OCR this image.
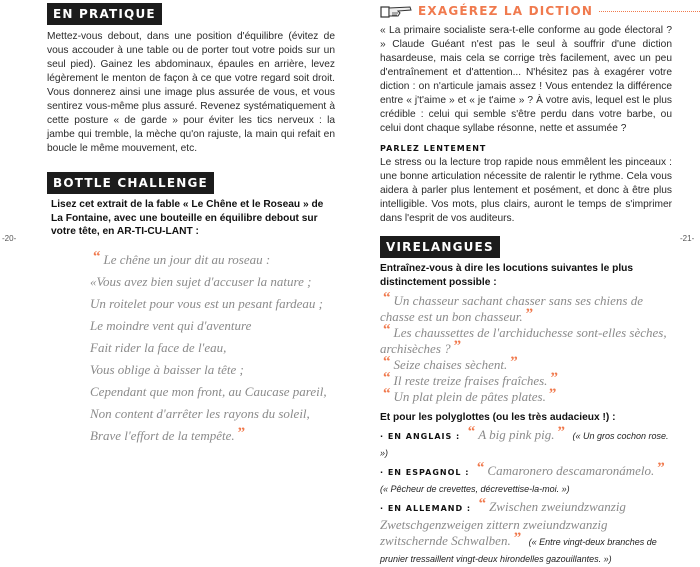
EN PRATIQUE
Mettez-vous debout, dans une position d'équilibre (évitez de vous accouder à une table ou de porter tout votre poids sur un seul pied). Gainez les abdominaux, épaules en arrière, levez légèrement le menton de façon à ce que votre regard soit droit. Vous donnerez ainsi une image plus assurée de vous, et vous sentirez vous-même plus assuré. Revenez systématiquement à cette posture « de garde » pour éviter les tics nerveux : la jambe qui tremble, la mèche qu'on rajuste, la main qui refait en boucle le même mouvement, etc.
BOTTLE CHALLENGE
Lisez cet extrait de la fable « Le Chêne et le Roseau » de La Fontaine, avec une bouteille en équilibre debout sur votre tête, en AR-TI-CU-LANT :
“ Le chêne un jour dit au roseau :
«Vous avez bien sujet d'accuser la nature ;
Un roitelet pour vous est un pesant fardeau ;
Le moindre vent qui d'aventure
Fait rider la face de l'eau,
Vous oblige à baisser la tête ;
Cependant que mon front, au Caucase pareil,
Non content d'arrêter les rayons du soleil,
Brave l'effort de la tempête. ”
-20-
EXAGÉREZ LA DICTION
« La primaire socialiste sera-t-elle conforme au gode électoral ? » Claude Guéant n'est pas le seul à souffrir d'une diction hasardeuse, mais cela se corrige très facilement, avec un peu d'entraînement et d'attention... N'hésitez pas à exagérer votre diction : on n'articule jamais assez ! Vous entendez la différence entre « j't'aime » et « je t'aime » ? À votre avis, lequel est le plus crédible : celui qui semble s'être perdu dans votre barbe, ou celui dont chaque syllabe résonne, nette et assumée ?
PARLEZ LENTEMENT
Le stress ou la lecture trop rapide nous emmêlent les pinceaux : une bonne articulation nécessite de ralentir le rythme. Cela vous aidera à parler plus lentement et posément, et donc à être plus intelligible. Vos mots, plus clairs, auront le temps de s'imprimer dans l'esprit de vos auditeurs.
VIRELANGUES
Entraînez-vous à dire les locutions suivantes le plus distinctement possible :
“ Un chasseur sachant chasser sans ses chiens de chasse est un bon chasseur. ”
“ Les chaussettes de l'archiduchesse sont-elles sèches, archisèches ? ”
“ Seize chaises sèchent. ”
“ Il reste treize fraises fraîches. ”
“ Un plat plein de pâtes plates. ”
Et pour les polyglottes (ou les très audacieux !) :
· EN ANGLAIS : “ A big pink pig. ” (« Un gros cochon rose. »)
· EN ESPAGNOL : “ Camaronero descamaronámelo. ”
(« Pêcheur de crevettes, décrevettise-la-moi. »)
· EN ALLEMAND : “ Zwischen zweiundzwanzig Zwetschgenzweigen zittern zweiundzwanzig zwitschernde Schwalben. ” (« Entre vingt-deux branches de prunier tressaillent vingt-deux hirondelles gazouillantes. »)
-21-
